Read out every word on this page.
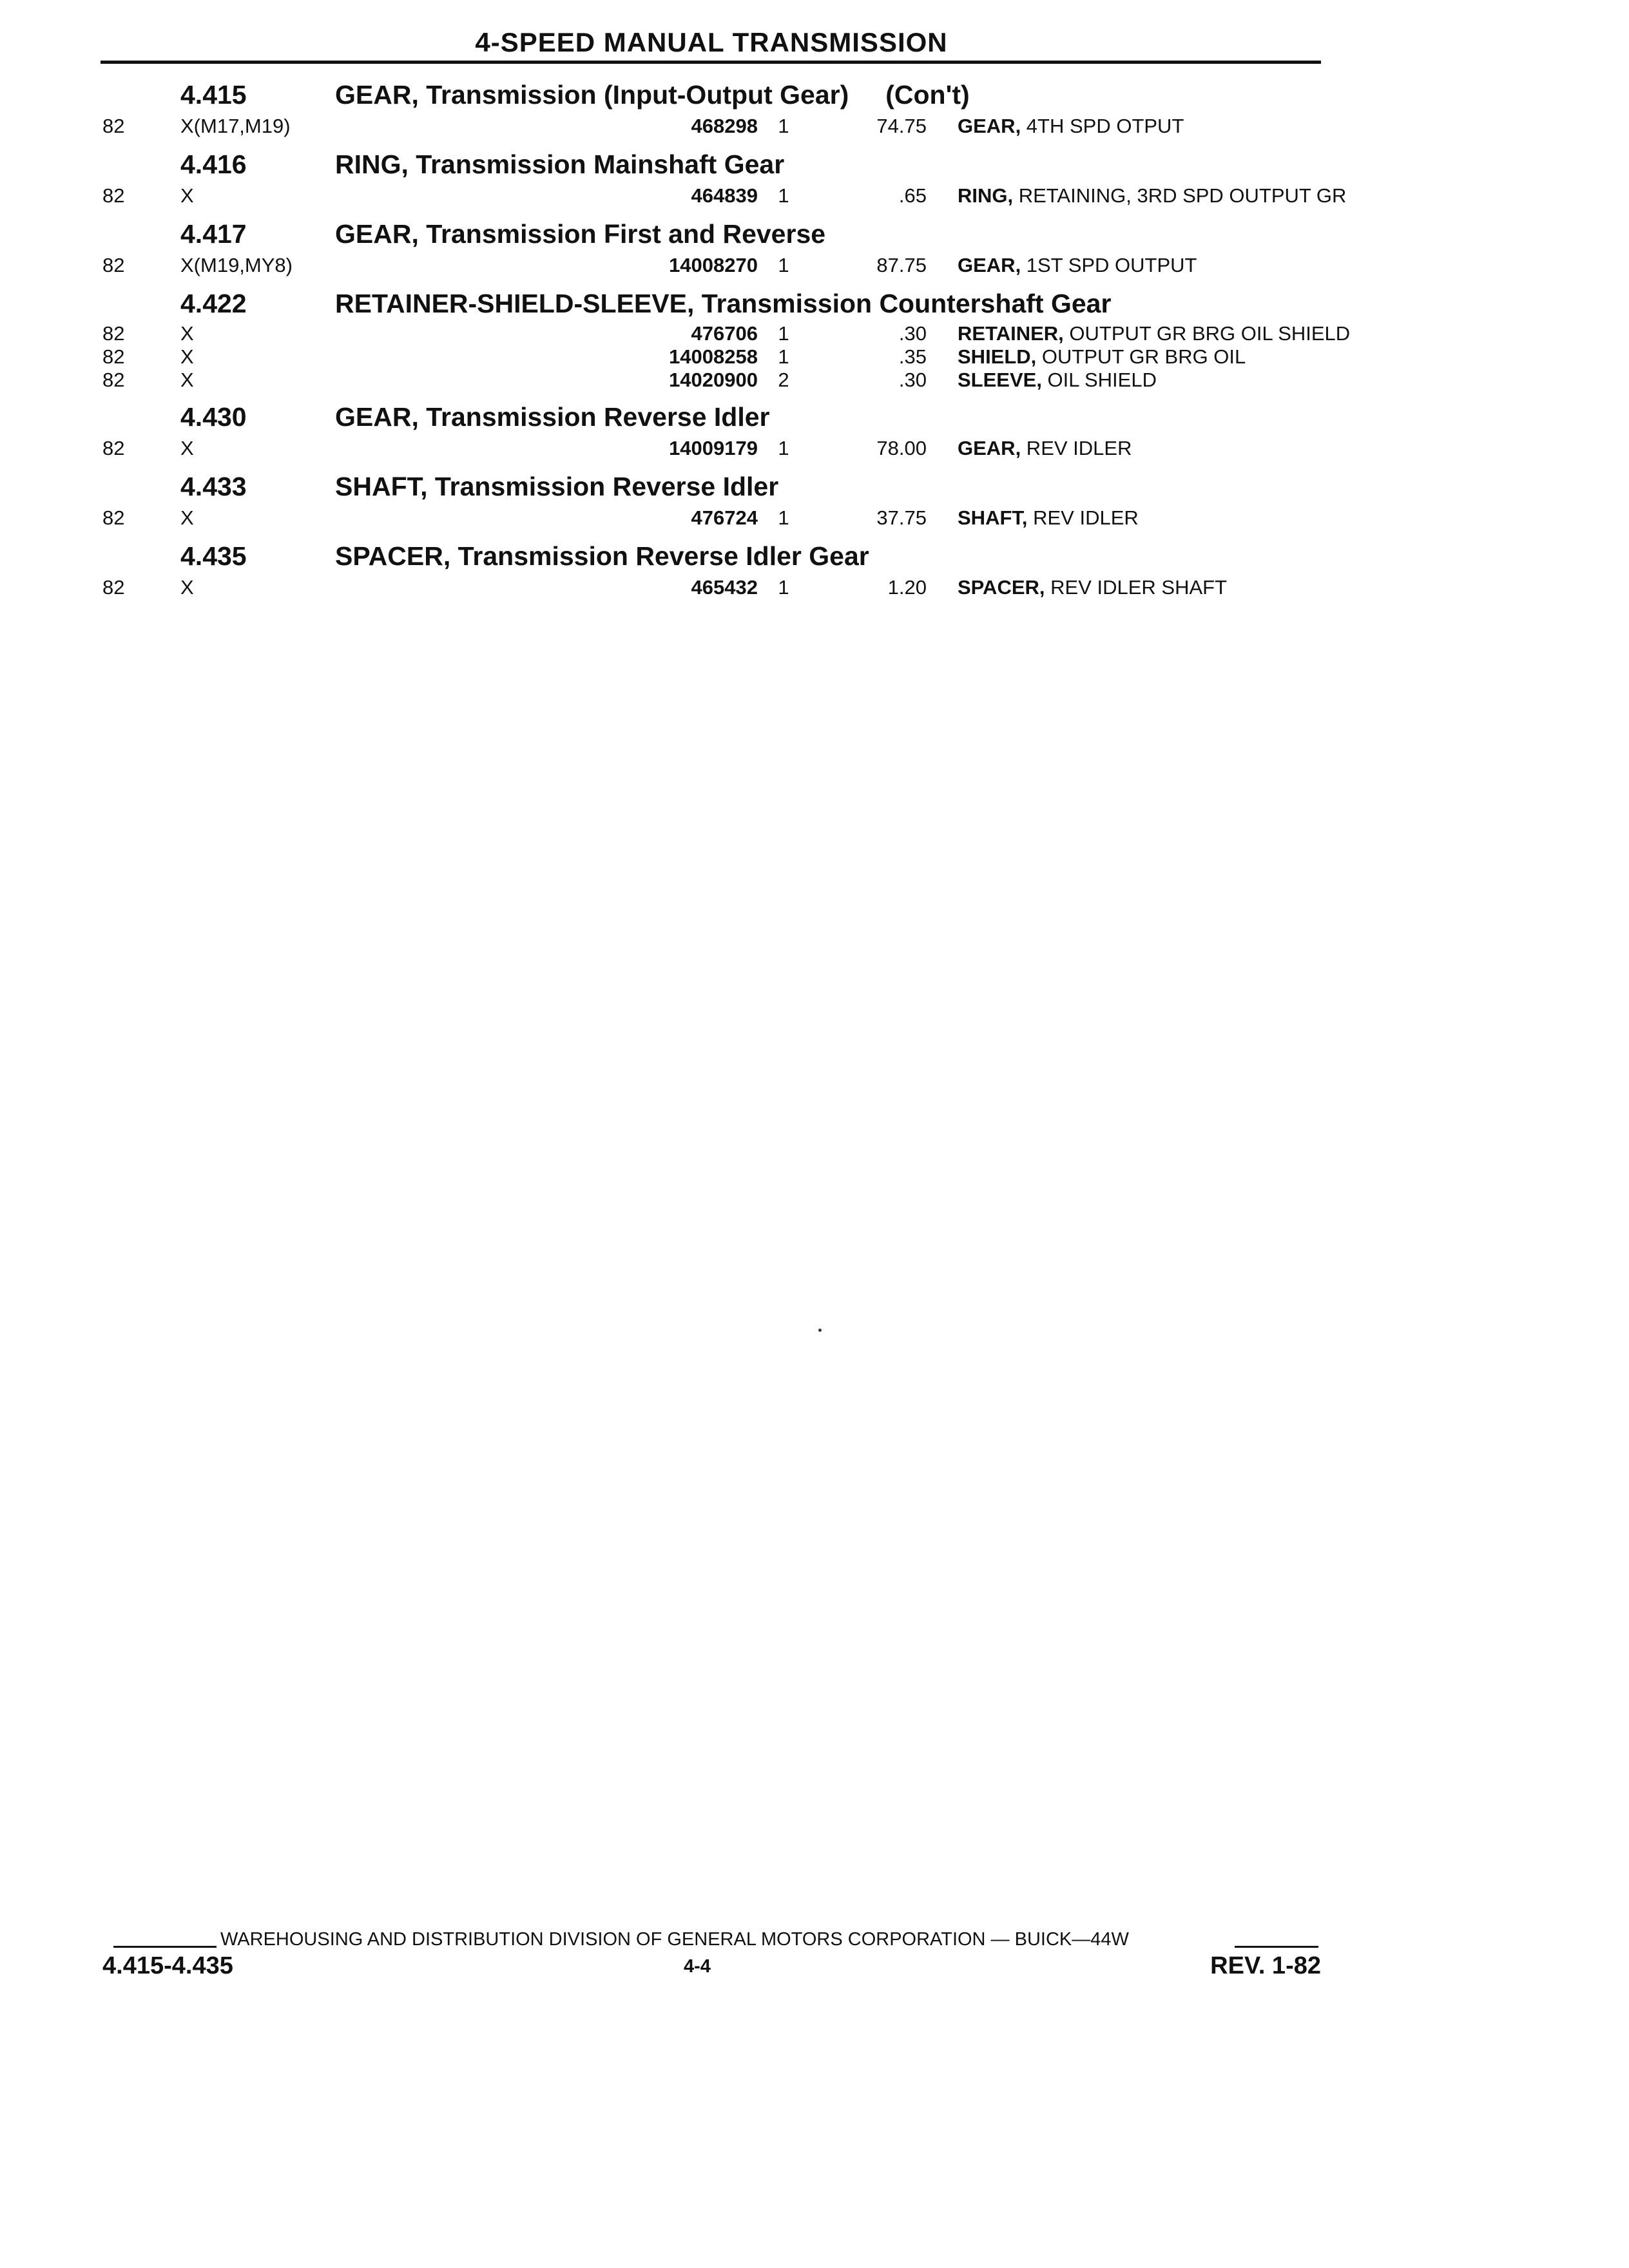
4-SPEED MANUAL TRANSMISSION
4.415	GEAR, Transmission (Input-Output Gear)     (Con't)
82	X(M17,M19) . . .	468298	1	74.75 GEAR, 4TH SPD OTPUT . . .
4.416	RING, Transmission Mainshaft Gear
82	X . . .	464839	1	.65 RING, RETAINING, 3RD SPD OUTPUT GR . . .
4.417	GEAR, Transmission First and Reverse
82	X(M19,MY8) . . .	14008270	1	87.75 GEAR, 1ST SPD OUTPUT . . .
4.422	RETAINER-SHIELD-SLEEVE, Transmission Countershaft Gear
82	X . . .	476706	1	.30 RETAINER, OUTPUT GR BRG OIL SHIELD . . .
82	X . . .	14008258	1	.35 SHIELD, OUTPUT GR BRG OIL . . .
82	X . . .	14020900	2	.30 SLEEVE, OIL SHIELD . . .
4.430	GEAR, Transmission Reverse Idler
82	X . . .	14009179	1	78.00 GEAR, REV IDLER . . .
4.433	SHAFT, Transmission Reverse Idler
82	X . . .	476724	1	37.75 SHAFT, REV IDLER . . .
4.435	SPACER, Transmission Reverse Idler Gear
82	X . . .	465432	1	1.20 SPACER, REV IDLER SHAFT . . .
WAREHOUSING AND DISTRIBUTION DIVISION OF GENERAL MOTORS CORPORATION — BUICK—44W
4.415-4.435	4-4	REV. 1-82
